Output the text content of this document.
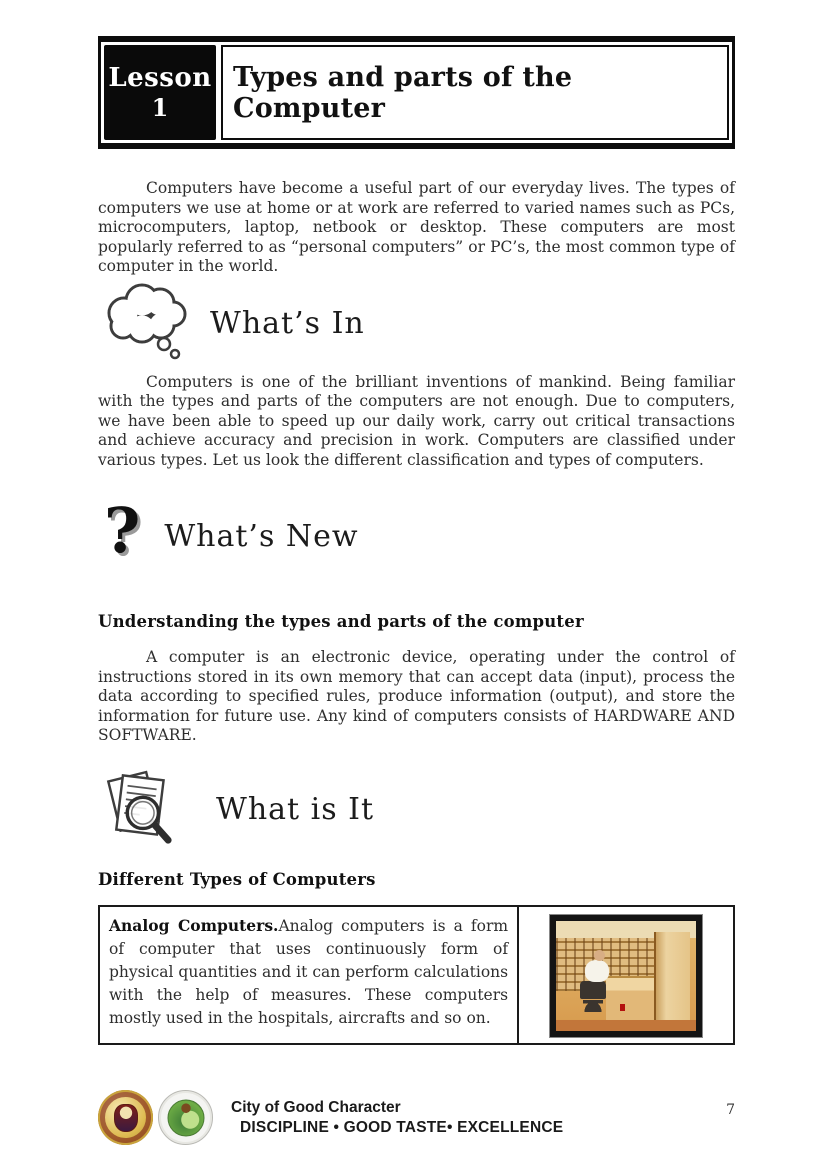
Lesson
1
Types and parts of the Computer

Computers have become a useful part of our everyday lives. The types of computers we use at home or at work are referred to varied names such as PCs, microcomputers, laptop, netbook or desktop. These computers are most popularly referred to as “personal computers” or PC’s, the most common type of computer in the world.

What’s In

Computers is one of the brilliant inventions of mankind. Being familiar with the types and parts of the computers are not enough. Due to computers, we have been able to speed up our daily work, carry out critical transactions and achieve accuracy and precision in work. Computers are classified under various types. Let us look the different classification and types of computers.

? What’s New
Understanding the types and parts of the computer

A computer is an electronic device, operating under the control of instructions stored in its own memory that can accept data (input), process the data according to specified rules, produce information (output), and store the information for future use. Any kind of computers consists of HARDWARE AND SOFTWARE.

What is It
Different Types of Computers

Analog Computers.Analog computers is a form of computer that uses continuously form of physical quantities and it can perform calculations with the help of measures. These computers mostly used in the hospitals, aircrafts and so on.

City of Good Character
DISCIPLINE • GOOD TASTE• EXCELLENCE
7
